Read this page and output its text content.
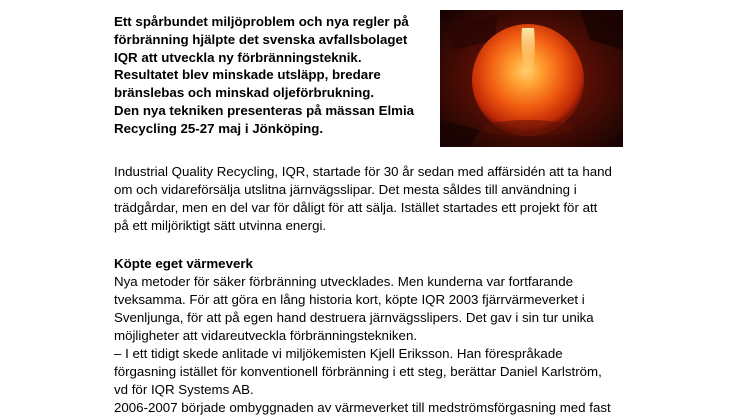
Ett spårbundet miljöproblem och nya regler på
förbränning hjälpte det svenska avfallsbolaget
IQR att utveckla ny förbränningsteknik.
Resultatet blev minskade utsläpp, bredare
bränslebas och minskad oljeförbrukning.
Den nya tekniken presenteras på mässan Elmia
Recycling 25-27 maj i Jönköping.
Industrial Quality Recycling, IQR, startade för 30 år sedan med affärsidén att ta hand
om och vidareförsälja utslitna järnvägsslipar. Det mesta såldes till användning i
trädgårdar, men en del var för dåligt för att sälja. Istället startades ett projekt för att
på ett miljöriktigt sätt utvinna energi.
Köpte eget värmeverk
Nya metoder för säker förbränning utvecklades. Men kunderna var fortfarande
tveksamma. För att göra en lång historia kort, köpte IQR 2003 fjärrvärmeverket i
Svenljunga, för att på egen hand destruera järnvägsslipers. Det gav i sin tur unika
möjligheter att vidareutveckla förbränningstekniken.
– I ett tidigt skede anlitade vi miljökemisten Kjell Eriksson. Han förespråkade
förgasning istället för konventionell förbränning i ett steg, berättar Daniel Karlström,
vd för IQR Systems AB.
2006-2007 började ombyggnaden av värmeverket till medströmsförgasning med fast
